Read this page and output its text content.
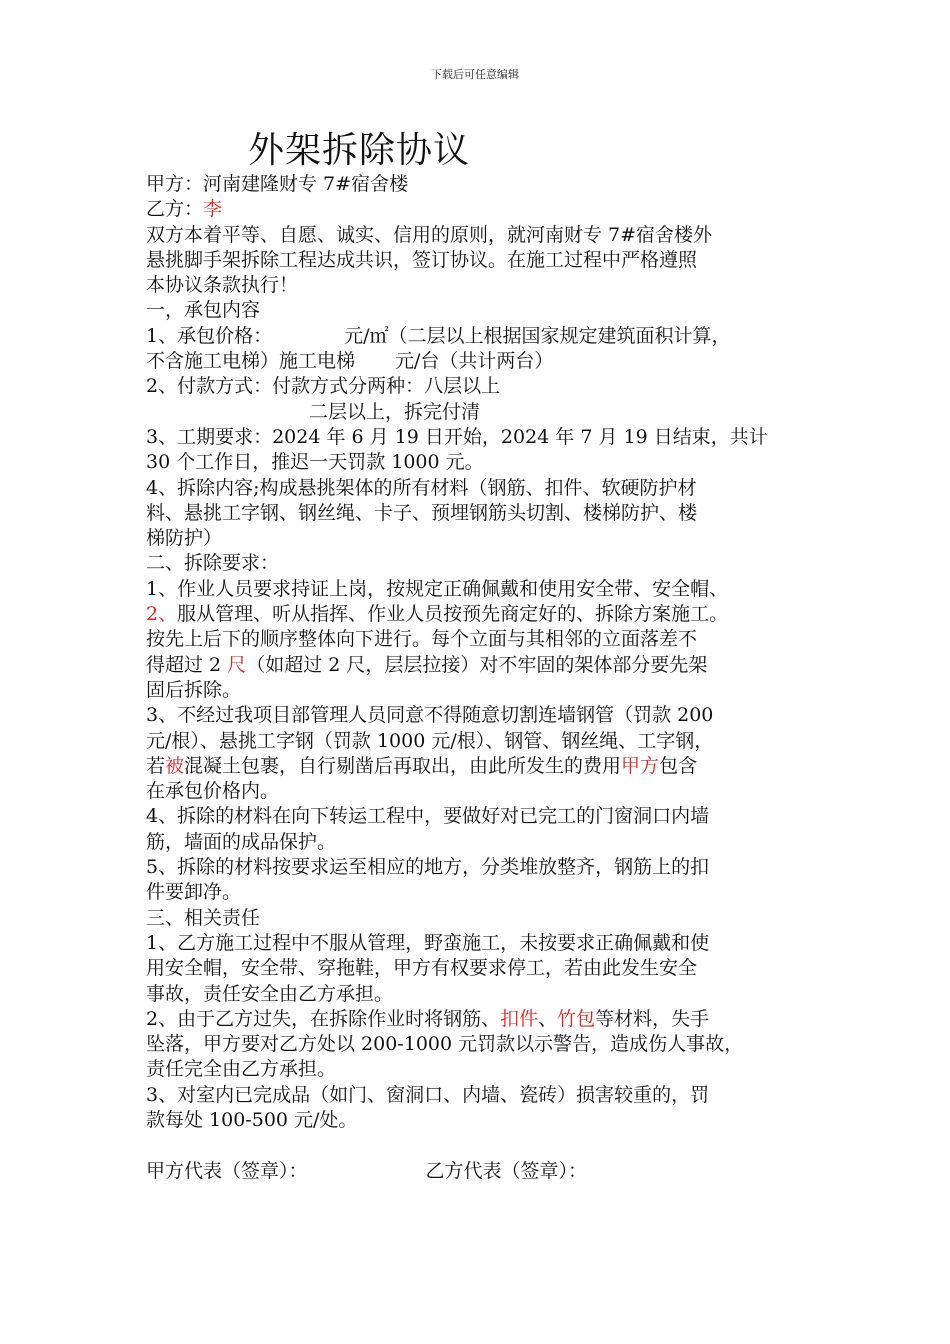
下载后可任意编辑
外架拆除协议
甲方：河南建隆财专 7#宿舍楼
乙方：李
双方本着平等、自愿、诚实、信用的原则，就河南财专 7#宿舍楼外
悬挑脚手架拆除工程达成共识，签订协议。在施工过程中严格遵照
本协议条款执行！
一，承包内容
1、承包价格：	元/㎡（二层以上根据国家规定建筑面积计算，
不含施工电梯）施工电梯 元/台（共计两台）
2、付款方式：付款方式分两种：八层以上
二层以上，拆完付清
3、工期要求：2024 年 6 月 19 日开始，2024 年 7 月 19 日结束，共计
30 个工作日，推迟一天罚款 1000 元。
4、拆除内容;构成悬挑架体的所有材料（钢筋、扣件、软硬防护材
料、悬挑工字钢、钢丝绳、卡子、预埋钢筋头切割、楼梯防护、楼
梯防护）
二、拆除要求：
1、作业人员要求持证上岗，按规定正确佩戴和使用安全带、安全帽、
2、服从管理、听从指挥、作业人员按预先商定好的、拆除方案施工。
按先上后下的顺序整体向下进行。每个立面与其相邻的立面落差不
得超过 2 尺（如超过 2 尺，层层拉接）对不牢固的架体部分要先架
固后拆除。
3、不经过我项目部管理人员同意不得随意切割连墙钢管（罚款 200
元/根）、悬挑工字钢（罚款 1000 元/根）、钢管、钢丝绳、工字钢，
若被混凝土包裹，自行剔凿后再取出，由此所发生的费用甲方包含
在承包价格内。
4、拆除的材料在向下转运工程中，要做好对已完工的门窗洞口内墙
筋，墙面的成品保护。
5、拆除的材料按要求运至相应的地方，分类堆放整齐，钢筋上的扣
件要卸净。
三、相关责任
1、乙方施工过程中不服从管理，野蛮施工，未按要求正确佩戴和使
用安全帽，安全带、穿拖鞋，甲方有权要求停工，若由此发生安全
事故，责任安全由乙方承担。
2、由于乙方过失，在拆除作业时将钢筋、扣件、竹包等材料，失手
坠落，甲方要对乙方处以 200-1000 元罚款以示警告，造成伤人事故，
责任完全由乙方承担。
3、对室内已完成品（如门、窗洞口、内墙、瓷砖）损害较重的，罚
款每处 100-500 元/处。
甲方代表（签章）：	乙方代表（签章）：
